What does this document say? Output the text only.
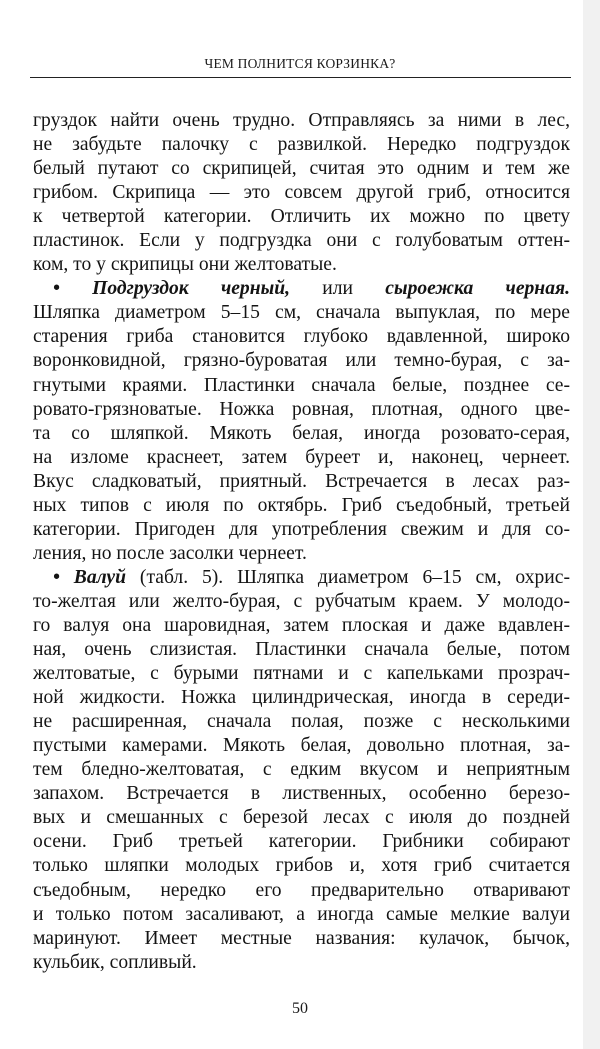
ЧЕМ ПОЛНИТСЯ КОРЗИНКА?
груздок найти очень трудно. Отправляясь за ними в лес,
не забудьте палочку с развилкой. Нередко подгруздок
белый путают со скрипицей, считая это одним и тем же
грибом. Скрипица — это совсем другой гриб, относится
к четвертой категории. Отличить их можно по цвету
пластинок. Если у подгруздка они с голубоватым оттен-
ком, то у скрипицы они желтоватые.
• Подгруздок черный, или сыроежка черная.
Шляпка диаметром 5–15 см, сначала выпуклая, по мере
старения гриба становится глубоко вдавленной, широко
воронковидной, грязно-буроватая или темно-бурая, с за-
гнутыми краями. Пластинки сначала белые, позднее се-
ровато-грязноватые. Ножка ровная, плотная, одного цве-
та со шляпкой. Мякоть белая, иногда розовато-серая,
на изломе краснеет, затем буреет и, наконец, чернеет.
Вкус сладковатый, приятный. Встречается в лесах раз-
ных типов с июля по октябрь. Гриб съедобный, третьей
категории. Пригоден для употребления свежим и для со-
ления, но после засолки чернеет.
• Валуй (табл. 5). Шляпка диаметром 6–15 см, охрис-
то-желтая или желто-бурая, с рубчатым краем. У молодо-
го валуя она шаровидная, затем плоская и даже вдавлен-
ная, очень слизистая. Пластинки сначала белые, потом
желтоватые, с бурыми пятнами и с капельками прозрач-
ной жидкости. Ножка цилиндрическая, иногда в середи-
не расширенная, сначала полая, позже с несколькими
пустыми камерами. Мякоть белая, довольно плотная, за-
тем бледно-желтоватая, с едким вкусом и неприятным
запахом. Встречается в лиственных, особенно березо-
вых и смешанных с березой лесах с июля до поздней
осени. Гриб третьей категории. Грибники собирают
только шляпки молодых грибов и, хотя гриб считается
съедобным, нередко его предварительно отваривают
и только потом засаливают, а иногда самые мелкие валуи
маринуют. Имеет местные названия: кулачок, бычок,
кульбик, сопливый.
50
